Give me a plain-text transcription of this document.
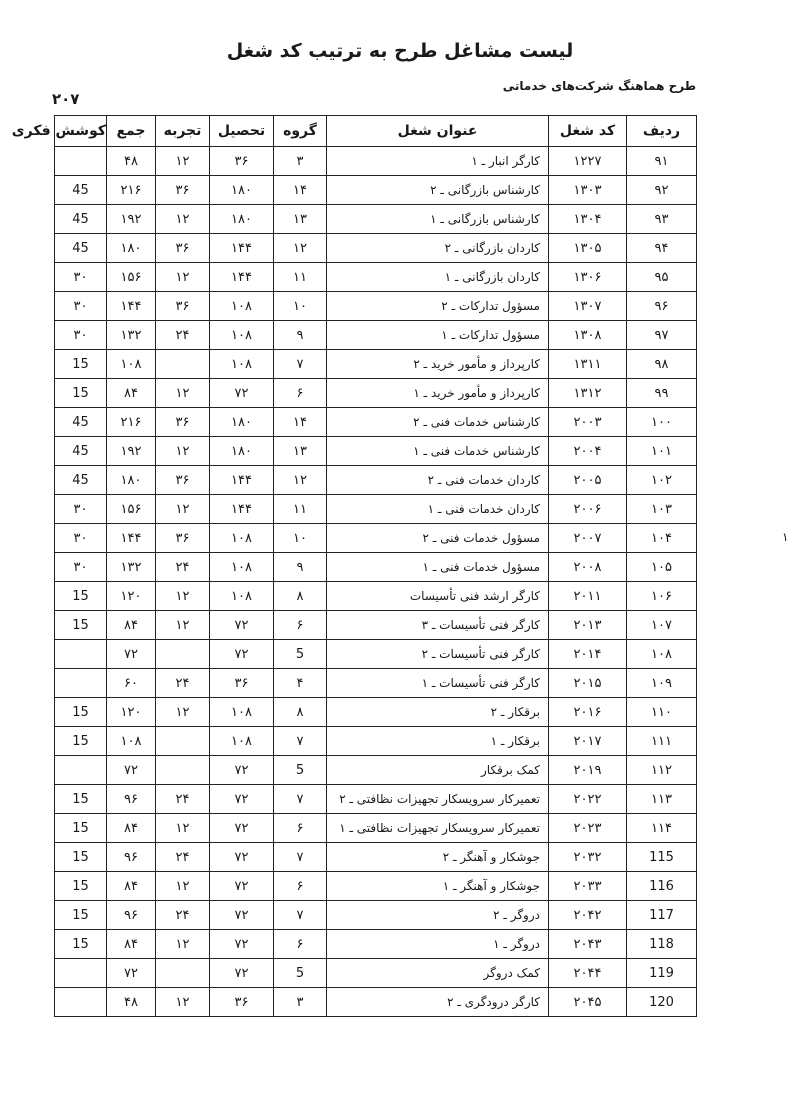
لیست مشاغل طرح به ترتیب کد شغل
طرح هماهنگ شرکت‌های خدماتی
۲۰۷
۱
ردیف	کد شغل	عنوان شغل	گروه	تحصیل	تجربه	جمع	کوشش فکری
۹۱	۱۲۲۷	کارگر انبار ـ ۱	۳	۳۶	۱۲	۴۸	
۹۲	۱۳۰۳	کارشناس بازرگانی ـ ۲	۱۴	۱۸۰	۳۶	۲۱۶	45
۹۳	۱۳۰۴	کارشناس بازرگانی ـ ۱	۱۳	۱۸۰	۱۲	۱۹۲	45
۹۴	۱۳۰۵	کاردان بازرگانی ـ ۲	۱۲	۱۴۴	۳۶	۱۸۰	45
۹۵	۱۳۰۶	کاردان بازرگانی ـ ۱	۱۱	۱۴۴	۱۲	۱۵۶	۳۰
۹۶	۱۳۰۷	مسؤول تدارکات ـ ۲	۱۰	۱۰۸	۳۶	۱۴۴	۳۰
۹۷	۱۳۰۸	مسؤول تدارکات ـ ۱	۹	۱۰۸	۲۴	۱۳۲	۳۰
۹۸	۱۳۱۱	کارپرداز و مأمور خرید ـ ۲	۷	۱۰۸		۱۰۸	15
۹۹	۱۳۱۲	کارپرداز و مأمور خرید ـ ۱	۶	۷۲	۱۲	۸۴	15
۱۰۰	۲۰۰۳	کارشناس خدمات فنی ـ ۲	۱۴	۱۸۰	۳۶	۲۱۶	45
۱۰۱	۲۰۰۴	کارشناس خدمات فنی ـ ۱	۱۳	۱۸۰	۱۲	۱۹۲	45
۱۰۲	۲۰۰۵	کاردان خدمات فنی ـ ۲	۱۲	۱۴۴	۳۶	۱۸۰	45
۱۰۳	۲۰۰۶	کاردان خدمات فنی ـ ۱	۱۱	۱۴۴	۱۲	۱۵۶	۳۰
۱۰۴	۲۰۰۷	مسؤول خدمات فنی ـ ۲	۱۰	۱۰۸	۳۶	۱۴۴	۳۰
۱۰۵	۲۰۰۸	مسؤول خدمات فنی ـ ۱	۹	۱۰۸	۲۴	۱۳۲	۳۰
۱۰۶	۲۰۱۱	کارگر ارشد فنی تأسیسات	۸	۱۰۸	۱۲	۱۲۰	15
۱۰۷	۲۰۱۳	کارگر فنی تأسیسات ـ ۳	۶	۷۲	۱۲	۸۴	15
۱۰۸	۲۰۱۴	کارگر فنی تأسیسات ـ ۲	5	۷۲		۷۲	
۱۰۹	۲۰۱۵	کارگر فنی تأسیسات ـ ۱	۴	۳۶	۲۴	۶۰	
۱۱۰	۲۰۱۶	برقکار ـ ۲	۸	۱۰۸	۱۲	۱۲۰	15
۱۱۱	۲۰۱۷	برقکار ـ ۱	۷	۱۰۸		۱۰۸	15
۱۱۲	۲۰۱۹	کمک برقکار	5	۷۲		۷۲	
۱۱۳	۲۰۲۲	تعمیرکار سرویسکار تجهیزات نظافتی ـ ۲	۷	۷۲	۲۴	۹۶	15
۱۱۴	۲۰۲۳	تعمیرکار سرویسکار تجهیزات نظافتی ـ ۱	۶	۷۲	۱۲	۸۴	15
115	۲۰۳۲	جوشکار و آهنگر ـ ۲	۷	۷۲	۲۴	۹۶	15
116	۲۰۳۳	جوشکار و آهنگر ـ ۱	۶	۷۲	۱۲	۸۴	15
117	۲۰۴۲	دروگر ـ ۲	۷	۷۲	۲۴	۹۶	15
118	۲۰۴۳	دروگر ـ ۱	۶	۷۲	۱۲	۸۴	15
119	۲۰۴۴	کمک دروگر	5	۷۲		۷۲	
120	۲۰۴۵	کارگر درودگری ـ ۲	۳	۳۶	۱۲	۴۸	
